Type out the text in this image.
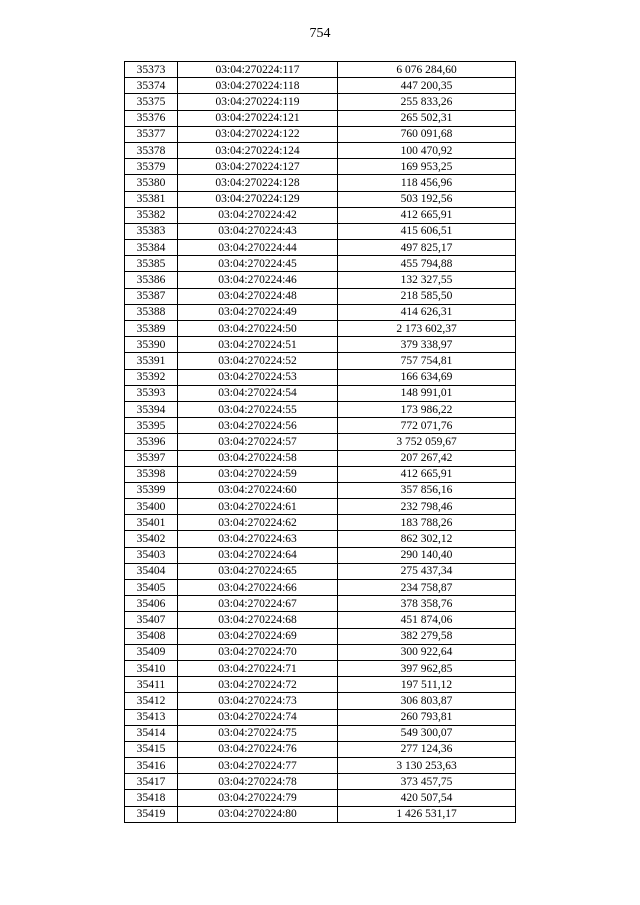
754
35373	03:04:270224:117	6 076 284,60
35374	03:04:270224:118	447 200,35
35375	03:04:270224:119	255 833,26
35376	03:04:270224:121	265 502,31
35377	03:04:270224:122	760 091,68
35378	03:04:270224:124	100 470,92
35379	03:04:270224:127	169 953,25
35380	03:04:270224:128	118 456,96
35381	03:04:270224:129	503 192,56
35382	03:04:270224:42	412 665,91
35383	03:04:270224:43	415 606,51
35384	03:04:270224:44	497 825,17
35385	03:04:270224:45	455 794,88
35386	03:04:270224:46	132 327,55
35387	03:04:270224:48	218 585,50
35388	03:04:270224:49	414 626,31
35389	03:04:270224:50	2 173 602,37
35390	03:04:270224:51	379 338,97
35391	03:04:270224:52	757 754,81
35392	03:04:270224:53	166 634,69
35393	03:04:270224:54	148 991,01
35394	03:04:270224:55	173 986,22
35395	03:04:270224:56	772 071,76
35396	03:04:270224:57	3 752 059,67
35397	03:04:270224:58	207 267,42
35398	03:04:270224:59	412 665,91
35399	03:04:270224:60	357 856,16
35400	03:04:270224:61	232 798,46
35401	03:04:270224:62	183 788,26
35402	03:04:270224:63	862 302,12
35403	03:04:270224:64	290 140,40
35404	03:04:270224:65	275 437,34
35405	03:04:270224:66	234 758,87
35406	03:04:270224:67	378 358,76
35407	03:04:270224:68	451 874,06
35408	03:04:270224:69	382 279,58
35409	03:04:270224:70	300 922,64
35410	03:04:270224:71	397 962,85
35411	03:04:270224:72	197 511,12
35412	03:04:270224:73	306 803,87
35413	03:04:270224:74	260 793,81
35414	03:04:270224:75	549 300,07
35415	03:04:270224:76	277 124,36
35416	03:04:270224:77	3 130 253,63
35417	03:04:270224:78	373 457,75
35418	03:04:270224:79	420 507,54
35419	03:04:270224:80	1 426 531,17
